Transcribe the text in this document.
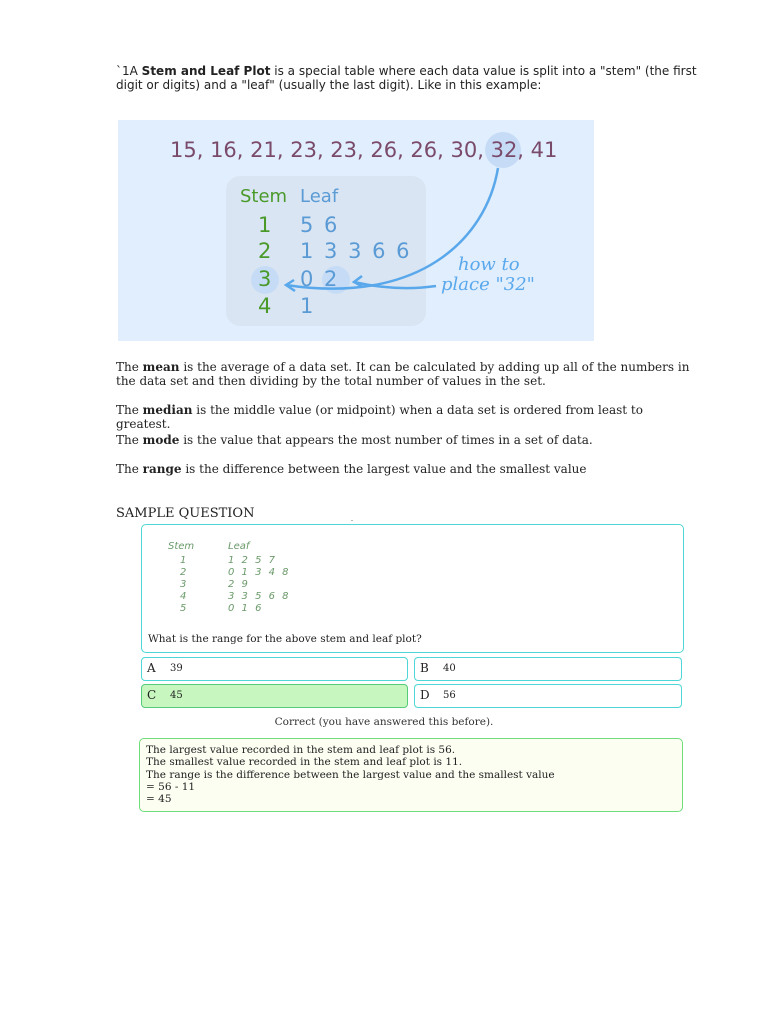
`1A Stem and Leaf Plot is a special table where each data value is split into a "stem" (the first digit or digits) and a "leaf" (usually the last digit). Like in this example:
15, 16, 21, 23, 23, 26, 26, 30, 32, 41
Stem Leaf
1 5 6
2 1 3 3 6 6
3 0 2
4 1
how to
place "32"
The mean is the average of a data set. It can be calculated by adding up all of the numbers in the data set and then dividing by the total number of values in the set.
The median is the middle value (or midpoint) when a data set is ordered from least to greatest.
The mode is the value that appears the most number of times in a set of data.
The range is the difference between the largest value and the smallest value
SAMPLE QUESTION
Stem	Leaf
1	1 2 5 7
2	0 1 3 4 8
3	2 9
4	3 3 5 6 8
5	0 1 6
What is the range for the above stem and leaf plot?
A 39	B 40
C 45	D 56
Correct (you have answered this before).
The largest value recorded in the stem and leaf plot is 56.
The smallest value recorded in the stem and leaf plot is 11.
The range is the difference between the largest value and the smallest value
= 56 - 11
= 45
